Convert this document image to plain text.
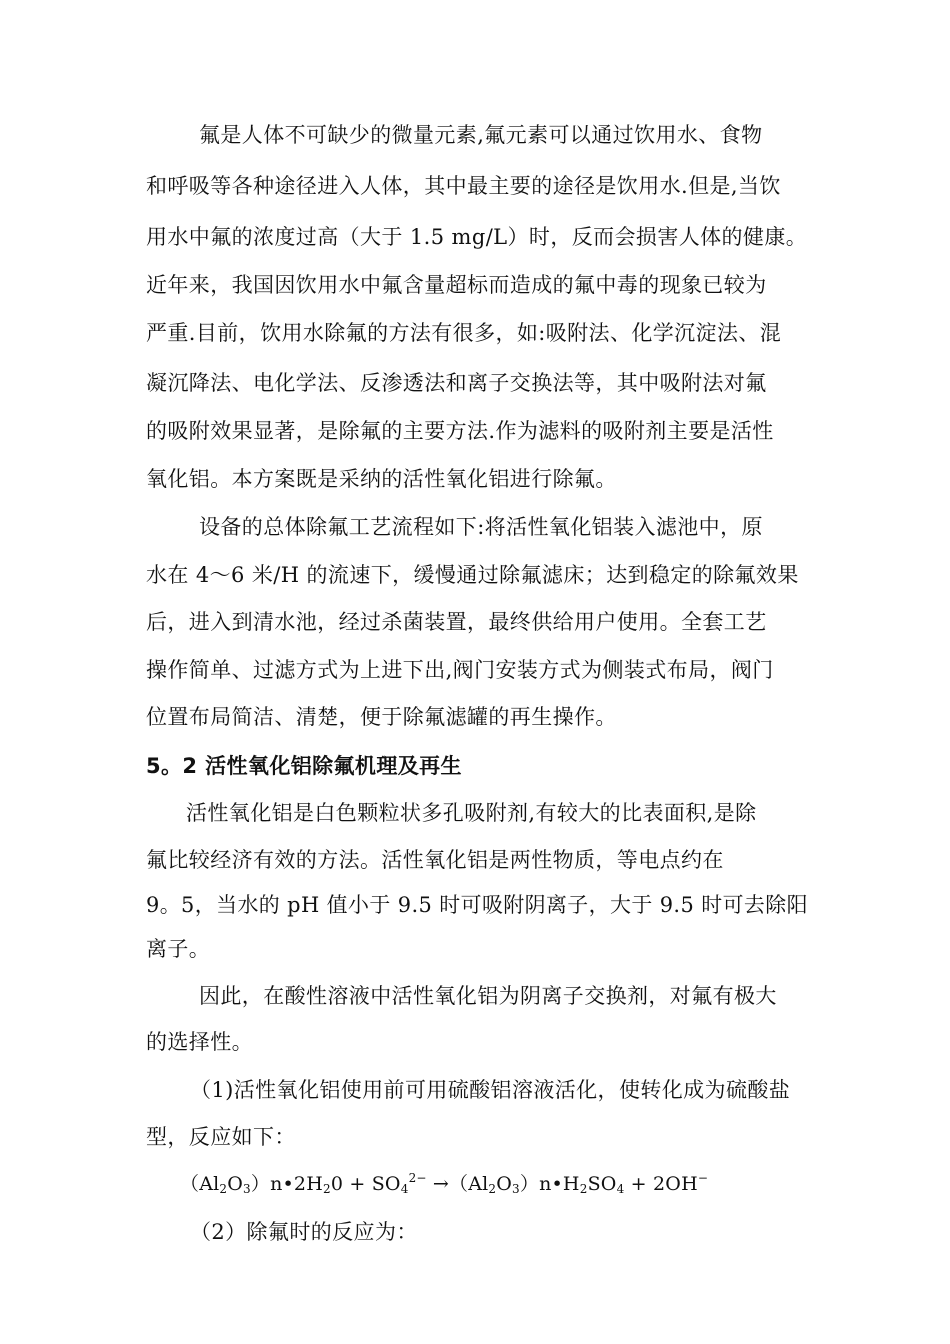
氟是人体不可缺少的微量元素,氟元素可以通过饮用水、食物
和呼吸等各种途径进入人体，其中最主要的途径是饮用水.但是,当饮
用水中氟的浓度过高（大于 1.5 mg/L）时，反而会损害人体的健康。
近年来，我国因饮用水中氟含量超标而造成的氟中毒的现象已较为
严重.目前，饮用水除氟的方法有很多，如:吸附法、化学沉淀法、混
凝沉降法、电化学法、反渗透法和离子交换法等，其中吸附法对氟
的吸附效果显著，是除氟的主要方法.作为滤料的吸附剂主要是活性
氧化铝。本方案既是采纳的活性氧化铝进行除氟。
设备的总体除氟工艺流程如下:将活性氧化铝装入滤池中，原
水在 4～6 米/H 的流速下，缓慢通过除氟滤床；达到稳定的除氟效果
后，进入到清水池，经过杀菌装置，最终供给用户使用。全套工艺
操作简单、过滤方式为上进下出,阀门安装方式为侧装式布局，阀门
位置布局简洁、清楚，便于除氟滤罐的再生操作。
5。2 活性氧化铝除氟机理及再生
活性氧化铝是白色颗粒状多孔吸附剂,有较大的比表面积,是除
氟比较经济有效的方法。活性氧化铝是两性物质，等电点约在
9。5，当水的 pH 值小于 9.5 时可吸附阴离子，大于 9.5 时可去除阳
离子。
因此，在酸性溶液中活性氧化铝为阴离子交换剂，对氟有极大
的选择性。
（1)活性氧化铝使用前可用硫酸铝溶液活化，使转化成为硫酸盐
型，反应如下：
$(Al_2O_3)n•2H_20 + SO_4^{2-}$ $\to(Al_2O_3)n•H_2SO_4 + 2OH^-$
（2）除氟时的反应为：
